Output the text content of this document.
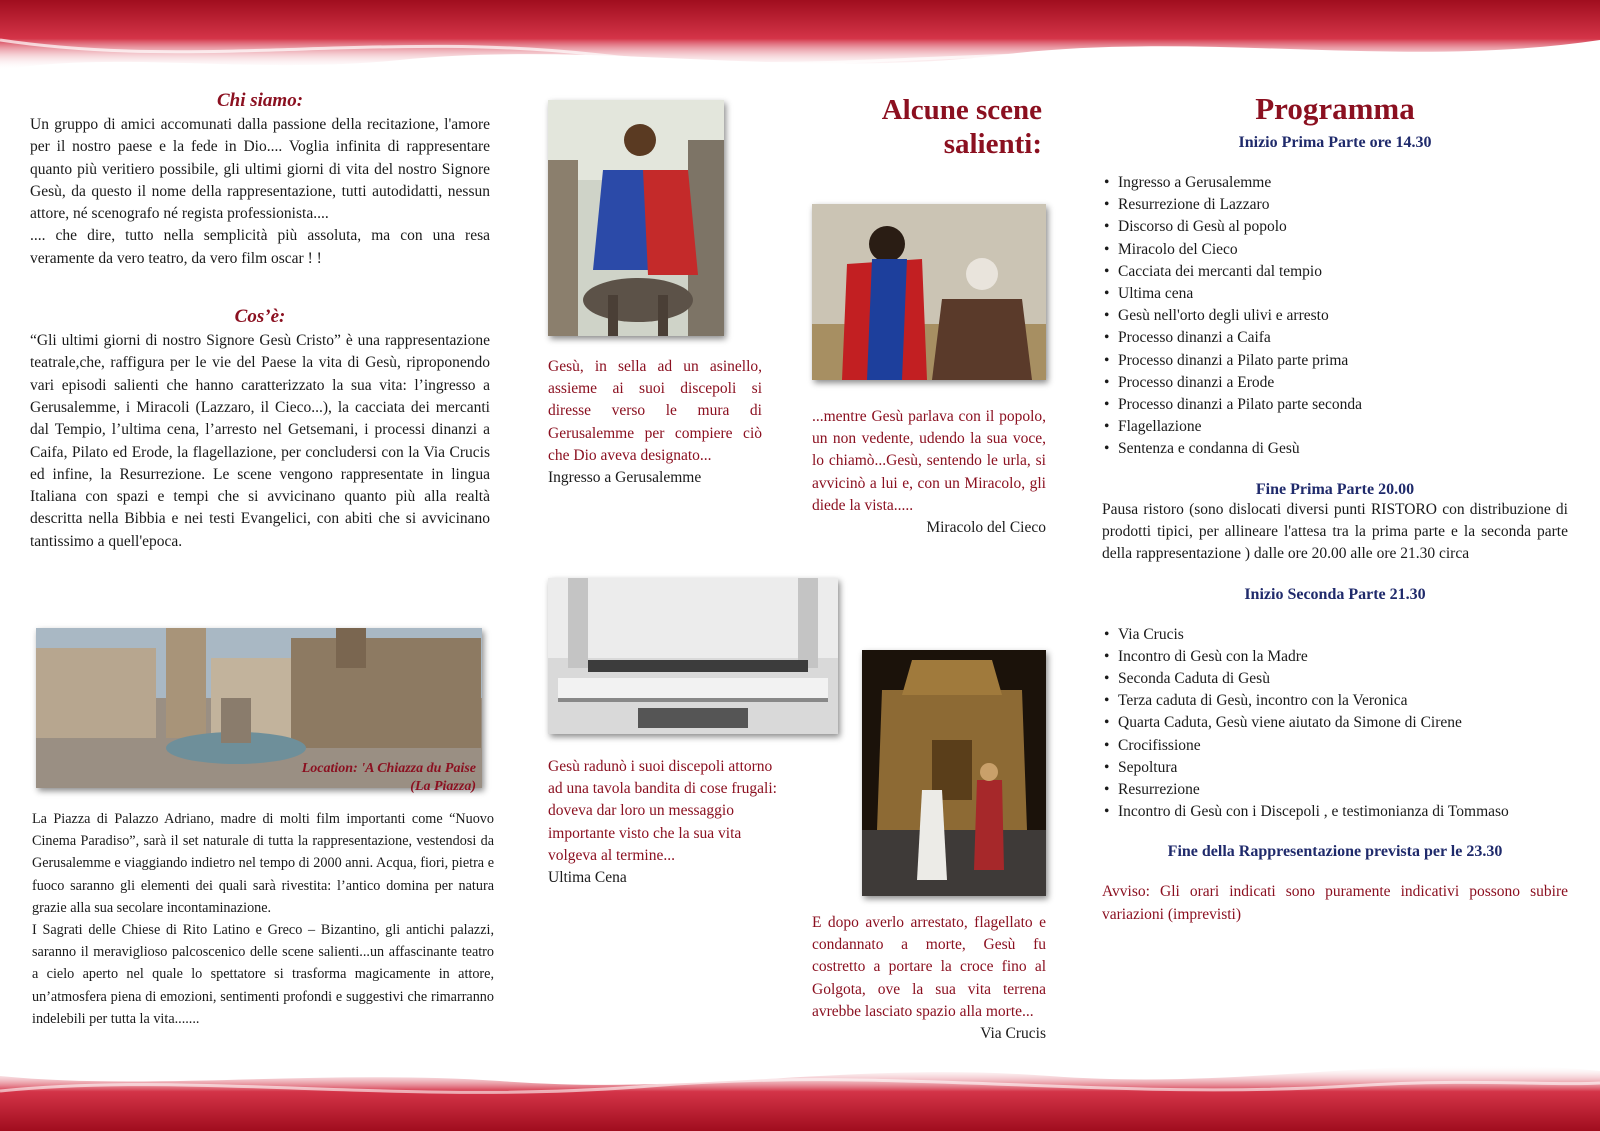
Chi siamo:

Un gruppo di amici accomunati dalla passione della recitazione, l'amore per il nostro paese e la fede in Dio.... Voglia infinita di rappresentare quanto più veritiero possibile, gli ultimi giorni di vita del nostro Signore Gesù, da questo il nome della rappresentazione, tutti autodidatti, nessun attore, né scenografo né regista professionista....

.... che dire, tutto nella semplicità più assoluta, ma con una resa veramente da vero teatro, da vero film oscar ! !

Cos’è:

“Gli ultimi giorni di nostro Signore Gesù Cristo” è una rappresentazione teatrale,che, raffigura per le vie del Paese la vita di Gesù, riproponendo vari episodi salienti che hanno caratterizzato la sua vita: l’ingresso a Gerusalemme, i Miracoli (Lazzaro, il Cieco...), la cacciata dei mercanti dal Tempio, l’ultima cena, l’arresto nel Getsemani, i processi dinanzi a Caifa, Pilato ed Erode, la flagellazione, per concludersi con la Via Crucis ed infine, la Resurrezione. Le scene vengono rappresentate in lingua Italiana con spazi e tempi che si avvicinano quanto più alla realtà descritta nella Bibbia e nei testi Evangelici, con abiti che si avvicinano tantissimo a quell'epoca.

Location: 'A Chiazza du Paise
(La Piazza)

La Piazza di Palazzo Adriano, madre di molti film importanti come “Nuovo Cinema Paradiso”, sarà il set naturale di tutta la rappresentazione, vestendosi da Gerusalemme e viaggiando indietro nel tempo di 2000 anni. Acqua, fiori, pietra e fuoco saranno gli elementi dei quali sarà rivestita: l’antico domina per natura grazie alla sua secolare incontaminazione.

I Sagrati delle Chiese di Rito Latino e Greco – Bizantino, gli antichi palazzi, saranno il meraviglioso palcoscenico delle scene salienti...un affascinante teatro a cielo aperto nel quale lo spettatore si trasforma magicamente in attore, un’atmosfera piena di emozioni, sentimenti profondi e suggestivi che rimarranno indelebili per tutta la vita.......

Gesù, in sella ad un asinello, assieme ai suoi discepoli si diresse verso le mura di Gerusalemme per compiere ciò che Dio aveva designato...

Ingresso a Gerusalemme

Gesù radunò i suoi discepoli attorno ad una tavola bandita di cose frugali: doveva dar loro un messaggio importante visto che la sua vita volgeva al termine...

Ultima Cena

Alcune scene
salienti:

...mentre Gesù parlava con il popolo, un non vedente, udendo la sua voce, lo chiamò...Gesù, sentendo le urla, si avvicinò a lui e, con un Miracolo, gli diede la vista.....

Miracolo del Cieco

E dopo averlo arrestato, flagellato e condannato a morte, Gesù fu costretto a portare la croce fino al Golgota, ove la sua vita terrena avrebbe lasciato spazio alla morte...

Via Crucis

Programma
Inizio Prima Parte ore 14.30
• Ingresso a Gerusalemme
• Resurrezione di Lazzaro
• Discorso di Gesù al popolo
• Miracolo del Cieco
• Cacciata dei mercanti dal tempio
• Ultima cena
• Gesù nell'orto degli ulivi e arresto
• Processo dinanzi a Caifa
• Processo dinanzi a Pilato parte prima
• Processo dinanzi a Erode
• Processo dinanzi a Pilato parte seconda
• Flagellazione
• Sentenza e condanna di Gesù
Fine Prima Parte 20.00

Pausa ristoro (sono dislocati diversi punti RISTORO con distribuzione di prodotti tipici, per allineare l'attesa tra la prima parte e la seconda parte della rappresentazione ) dalle ore 20.00 alle ore 21.30 circa

Inizio Seconda Parte 21.30
• Via Crucis
• Incontro di Gesù con la Madre
• Seconda Caduta di Gesù
• Terza caduta di Gesù, incontro con la Veronica
• Quarta Caduta, Gesù viene aiutato da Simone di Cirene
• Crocifissione
• Sepoltura
• Resurrezione
• Incontro di Gesù con i Discepoli , e testimonianza di Tommaso
Fine della Rappresentazione prevista per le 23.30

Avviso: Gli orari indicati sono puramente indicativi possono subire variazioni (imprevisti)
